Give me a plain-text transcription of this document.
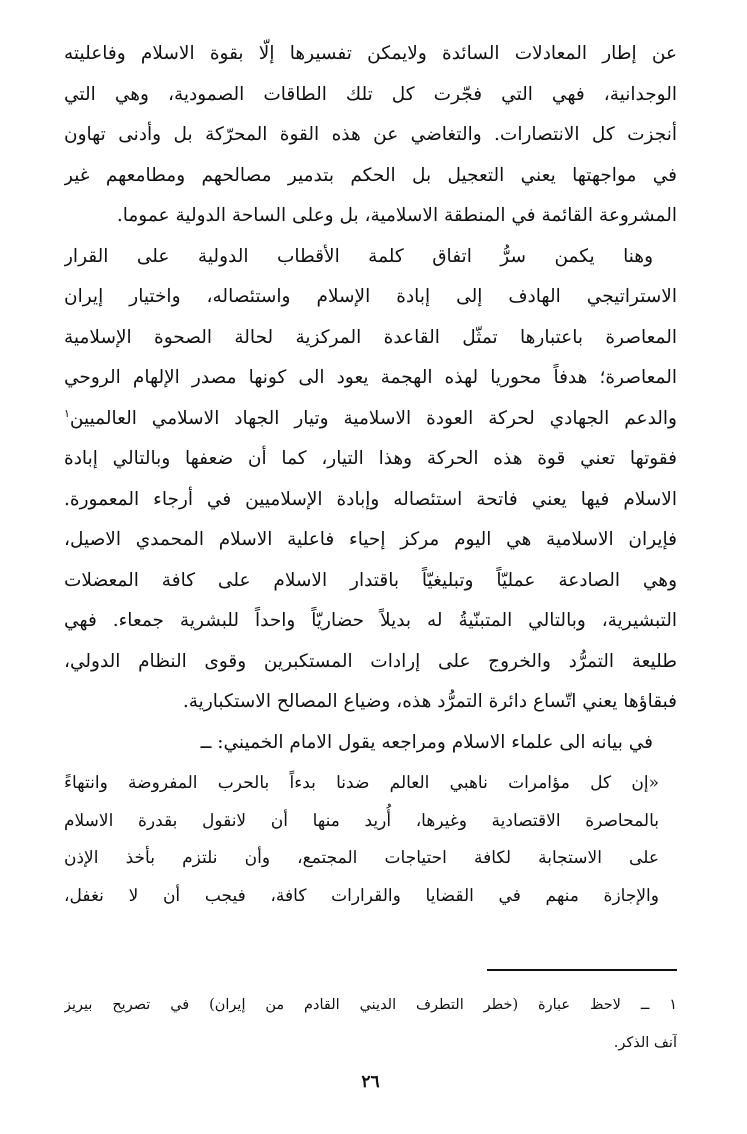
عن إطار المعادلات السائدة ولايمكن تفسيرها إلّا بقوة الاسلام وفاعليته
الوجدانية، فهي التي فجّرت كل تلك الطاقات الصمودية، وهي التي
أنجزت كل الانتصارات. والتغاضي عن هذه القوة المحرّكة بل وأدنى تهاون
في مواجهتها يعني التعجيل بل الحكم بتدمير مصالحهم ومطامعهم غير
المشروعة القائمة في المنطقة الاسلامية، بل وعلى الساحة الدولية عموما.
وهنا يكمن سرُّ اتفاق كلمة الأقطاب الدولية على القرار
الاستراتيجي الهادف إلى إبادة الإسلام واستئصاله، واختيار إيران
المعاصرة باعتبارها تمثّل القاعدة المركزية لحالة الصحوة الإسلامية
المعاصرة؛ هدفاً محوريا لهذه الهجمة يعود الى كونها مصدر الإلهام الروحي
والدعم الجهادي لحركة العودة الاسلامية وتيار الجهاد الاسلامي العالميين$^١$
فقوتها تعني قوة هذه الحركة وهذا التيار، كما أن ضعفها وبالتالي إبادة
الاسلام فيها يعني فاتحة استئصاله وإبادة الإسلاميين في أرجاء المعمورة.
فإيران الاسلامية هي اليوم مركز إحياء فاعلية الاسلام المحمدي الاصيل،
وهي الصادعة عمليّاً وتبليغيّاً باقتدار الاسلام على كافة المعضلات
التبشيرية، وبالتالي المتبنّيةُ له بديلاً حضاريّاً واحداً للبشرية جمعاء. فهي
طليعة التمرُّد والخروج على إرادات المستكبرين وقوى النظام الدولي،
فبقاؤها يعني اتّساع دائرة التمرُّد هذه، وضياع المصالح الاستكبارية.
في بيانه الى علماء الاسلام ومراجعه يقول الامام الخميني: ــ
«إن كل مؤامرات ناهبي العالم ضدنا بدءاً بالحرب المفروضة وانتهاءً
بالمحاصرة الاقتصادية وغيرها، أُريد منها أن لانقول بقدرة الاسلام
على الاستجابة لكافة احتياجات المجتمع، وأن نلتزم بأخذ الإذن
والإجازة منهم في القضايا والقرارات كافة، فيجب أن لا نغفل،
١ ــ لاحظ عبارة (خطر التطرف الديني القادم من إيران) في تصريح بيريز
آنف الذكر.
٢٦
